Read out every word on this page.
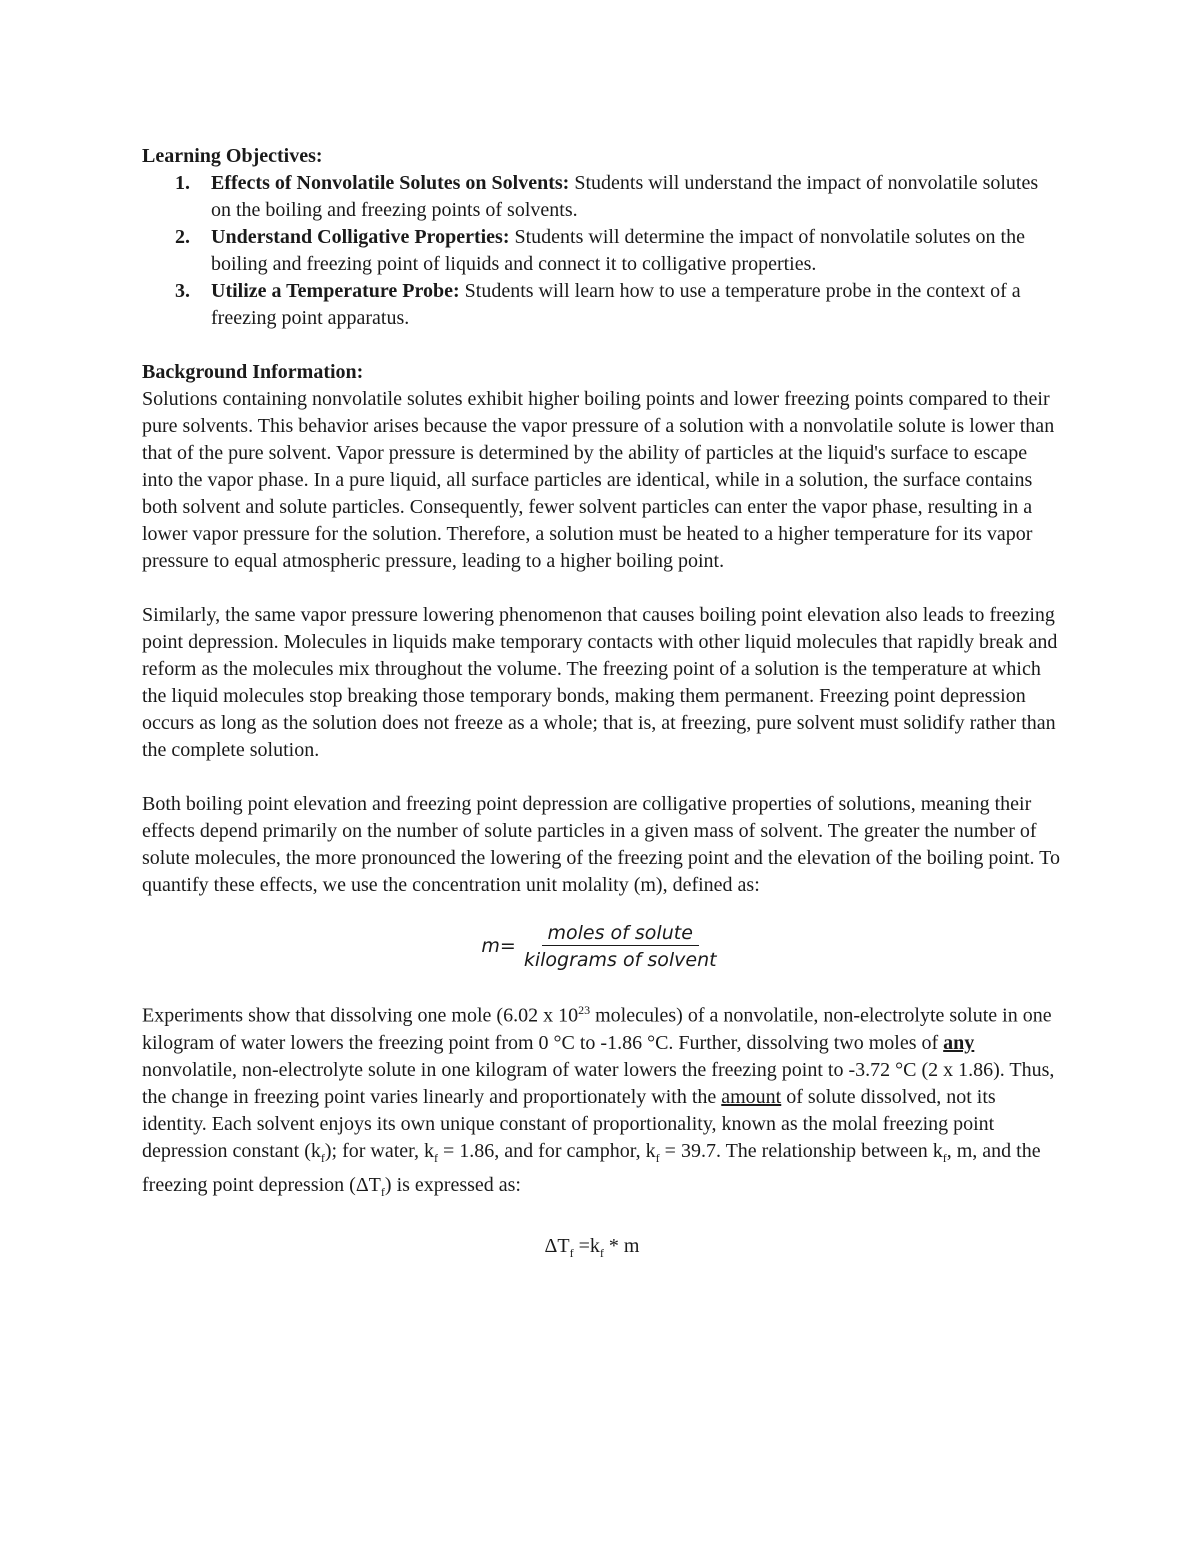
Learning Objectives:
1. Effects of Nonvolatile Solutes on Solvents: Students will understand the impact of nonvolatile solutes on the boiling and freezing points of solvents.
2. Understand Colligative Properties: Students will determine the impact of nonvolatile solutes on the boiling and freezing point of liquids and connect it to colligative properties.
3. Utilize a Temperature Probe: Students will learn how to use a temperature probe in the context of a freezing point apparatus.
Background Information:

Solutions containing nonvolatile solutes exhibit higher boiling points and lower freezing points compared to their pure solvents. This behavior arises because the vapor pressure of a solution with a nonvolatile solute is lower than that of the pure solvent. Vapor pressure is determined by the ability of particles at the liquid's surface to escape into the vapor phase. In a pure liquid, all surface particles are identical, while in a solution, the surface contains both solvent and solute particles. Consequently, fewer solvent particles can enter the vapor phase, resulting in a lower vapor pressure for the solution. Therefore, a solution must be heated to a higher temperature for its vapor pressure to equal atmospheric pressure, leading to a higher boiling point.

Similarly, the same vapor pressure lowering phenomenon that causes boiling point elevation also leads to freezing point depression. Molecules in liquids make temporary contacts with other liquid molecules that rapidly break and reform as the molecules mix throughout the volume. The freezing point of a solution is the temperature at which the liquid molecules stop breaking those temporary bonds, making them permanent. Freezing point depression occurs as long as the solution does not freeze as a whole; that is, at freezing, pure solvent must solidify rather than the complete solution.

Both boiling point elevation and freezing point depression are colligative properties of solutions, meaning their effects depend primarily on the number of solute particles in a given mass of solvent. The greater the number of solute molecules, the more pronounced the lowering of the freezing point and the elevation of the boiling point. To quantify these effects, we use the concentration unit molality (m), defined as:

$m= \frac{\text{moles of solute}}{\text{kilograms of solvent}}$

Experiments show that dissolving one mole (6.02 x $10^{23}$ molecules) of a nonvolatile, non-electrolyte solute in one kilogram of water lowers the freezing point from 0 °C to -1.86 °C. Further, dissolving two moles of any nonvolatile, non-electrolyte solute in one kilogram of water lowers the freezing point to -3.72 °C (2 x 1.86). Thus, the change in freezing point varies linearly and proportionately with the amount of solute dissolved, not its identity. Each solvent enjoys its own unique constant of proportionality, known as the molal freezing point depression constant $(k_f)$; for water, $k_f = 1.86$, and for camphor, $k_f = 39.7$. The relationship between $k_f$, m, and the freezing point depression $(\Delta T_f)$ is expressed as:

$\Delta T_f =k_f * m$
